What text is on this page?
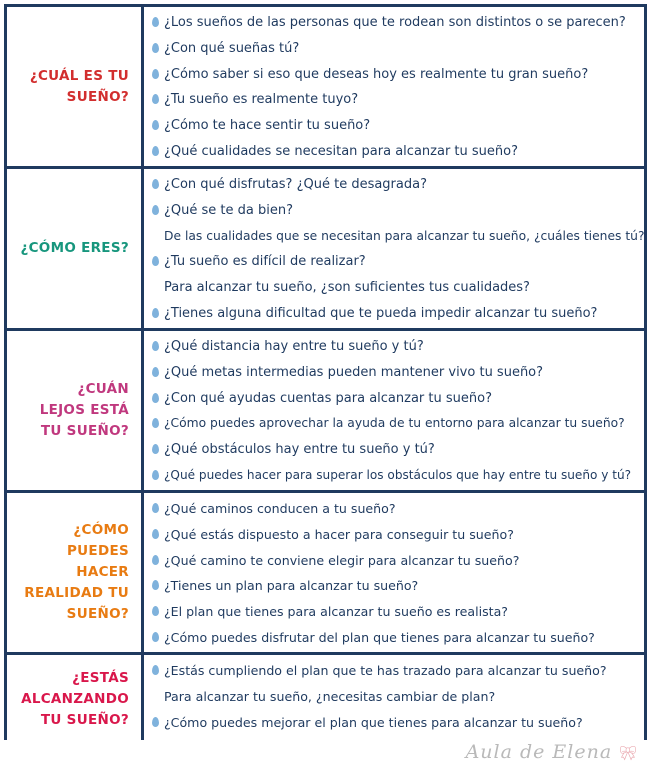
¿CUÁL ES TU SUEÑO?
¿Los sueños de las personas que te rodean son distintos o se parecen?
¿Con qué sueñas tú?
¿Cómo saber si eso que deseas hoy es realmente tu gran sueño?
¿Tu sueño es realmente tuyo?
¿Cómo te hace sentir tu sueño?
¿Qué cualidades se necesitan para alcanzar tu sueño?
¿CÓMO ERES?
¿Con qué disfrutas? ¿Qué te desagrada?
¿Qué se te da bien?
De las cualidades que se necesitan para alcanzar tu sueño, ¿cuáles tienes tú?
¿Tu sueño es difícil de realizar?
Para alcanzar tu sueño, ¿son suficientes tus cualidades?
¿Tienes alguna dificultad que te pueda impedir alcanzar tu sueño?
¿CUÁN LEJOS ESTÁ TU SUEÑO?
¿Qué distancia hay entre tu sueño y tú?
¿Qué metas intermedias pueden mantener vivo tu sueño?
¿Con qué ayudas cuentas para alcanzar tu sueño?
¿Cómo puedes aprovechar la ayuda de tu entorno para alcanzar tu sueño?
¿Qué obstáculos hay entre tu sueño y tú?
¿Qué puedes hacer para superar los obstáculos que hay entre tu sueño y tú?
¿CÓMO PUEDES HACER REALIDAD TU SUEÑO?
¿Qué caminos conducen a tu sueño?
¿Qué estás dispuesto a hacer para conseguir tu sueño?
¿Qué camino te conviene elegir para alcanzar tu sueño?
¿Tienes un plan para alcanzar tu sueño?
¿El plan que tienes para alcanzar tu sueño es realista?
¿Cómo puedes disfrutar del plan que tienes para alcanzar tu sueño?
¿ESTÁS ALCANZANDO TU SUEÑO?
¿Estás cumpliendo el plan que te has trazado para alcanzar tu sueño?
Para alcanzar tu sueño, ¿necesitas cambiar de plan?
¿Cómo puedes mejorar el plan que tienes para alcanzar tu sueño?
Aula de Elena 🎀︎
